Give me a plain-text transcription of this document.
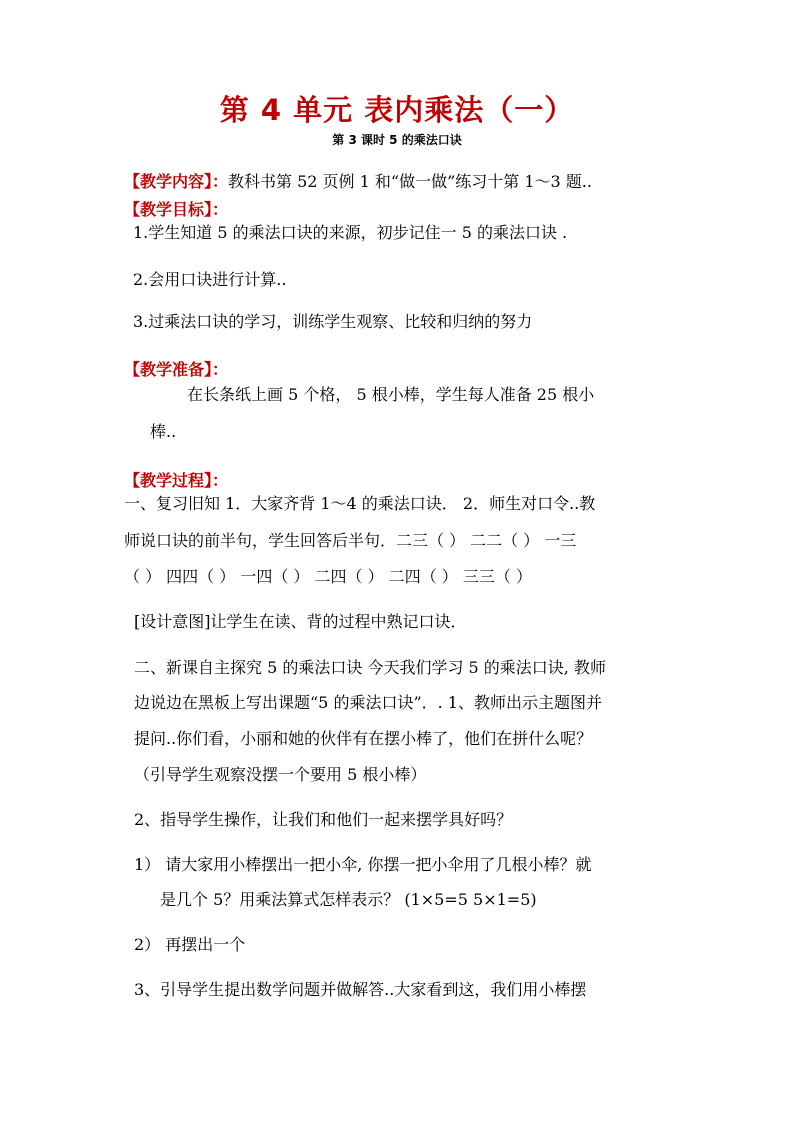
第 4 单元 表内乘法（一）
第 3 课时 5 的乘法口诀
【教学内容】：教科书第 52 页例 1 和“做一做”练习十第 1～3 题..
【教学目标】：
1.学生知道 5 的乘法口诀的来源，初步记住一 5 的乘法口诀 .
2.会用口诀进行计算..
3.过乘法口诀的学习，训练学生观察、比较和归纳的努力
【教学准备】：
在长条纸上画 5 个格， 5 根小棒，学生每人准备 25 根小
棒..
【教学过程】：
一、复习旧知 1．大家齐背 1～4 的乘法口诀． 2．师生对口令..教
师说口诀的前半句，学生回答后半句．二三（ ） 二二（ ） 一三
（ ） 四四（ ） 一四（ ） 二四（ ） 二四（ ） 三三（ ）
[设计意图]让学生在读、背的过程中熟记口诀．
二、新课自主探究 5 的乘法口诀 今天我们学习 5 的乘法口诀, 教师
边说边在黑板上写出课题“5 的乘法口诀”．. 1、教师出示主题图并
提问..你们看，小丽和她的伙伴有在摆小棒了，他们在拼什么呢？
（引导学生观察没摆一个要用 5 根小棒）
2、指导学生操作，让我们和他们一起来摆学具好吗？
1） 请大家用小棒摆出一把小伞, 你摆一把小伞用了几根小棒？就
是几个 5？用乘法算式怎样表示？ (1×5=5 5×1=5)
2） 再摆出一个
3、引导学生提出数学问题并做解答..大家看到这，我们用小棒摆
